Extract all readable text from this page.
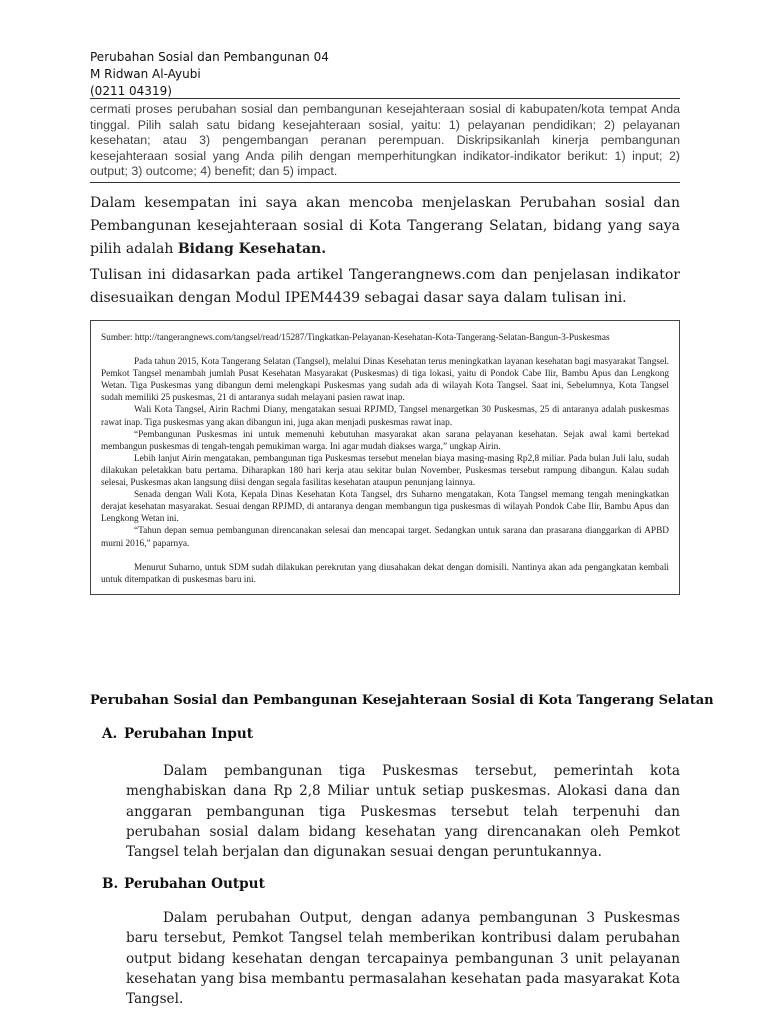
Perubahan Sosial dan Pembangunan 04
M Ridwan Al-Ayubi
(0211 04319)
cermati proses perubahan sosial dan pembangunan kesejahteraan sosial di kabupaten/kota tempat Anda tinggal. Pilih salah satu bidang kesejahteraan sosial, yaitu: 1) pelayanan pendidikan; 2) pelayanan kesehatan; atau 3) pengembangan peranan perempuan. Diskripsikanlah kinerja pembangunan kesejahteraan sosial yang Anda pilih dengan memperhitungkan indikator-indikator berikut: 1) input; 2) output; 3) outcome; 4) benefit; dan 5) impact.
Dalam kesempatan ini saya akan mencoba menjelaskan Perubahan sosial dan Pembangunan kesejahteraan sosial di Kota Tangerang Selatan, bidang yang saya pilih adalah Bidang Kesehatan.
Tulisan ini didasarkan pada artikel Tangerangnews.com dan penjelasan indikator disesuaikan dengan Modul IPEM4439 sebagai dasar saya dalam tulisan ini.
Sumber: http://tangerangnews.com/tangsel/read/15287/Tingkatkan-Pelayanan-Kesehatan-Kota-Tangerang-Selatan-Bangun-3-Puskesmas

Pada tahun 2015, Kota Tangerang Selatan (Tangsel), melalui Dinas Kesehatan terus meningkatkan layanan kesehatan bagi masyarakat Tangsel. Pemkot Tangsel menambah jumlah Pusat Kesehatan Masyarakat (Puskesmas) di tiga lokasi, yaitu di Pondok Cabe Ilir, Bambu Apus dan Lengkong Wetan. Tiga Puskesmas yang dibangun demi melengkapi Puskesmas yang sudah ada di wilayah Kota Tangsel. Saat ini, Sebelumnya, Kota Tangsel sudah memiliki 25 puskesmas, 21 di antaranya sudah melayani pasien rawat inap.

Wali Kota Tangsel, Airin Rachmi Diany, mengatakan sesuai RPJMD, Tangsel menargetkan 30 Puskesmas, 25 di antaranya adalah puskesmas rawat inap. Tiga puskesmas yang akan dibangun ini, juga akan menjadi puskesmas rawat inap.

“Pembangunan Puskesmas ini untuk memenuhi kebutuhan masyarakat akan sarana pelayanan kesehatan. Sejak awal kami bertekad membangun puskesmas di tengah-tengah pemukiman warga. Ini agar mudah diakses warga,” ungkap Airin.

Lebih lanjut Airin mengatakan, pembangunan tiga Puskesmas tersebut menelan biaya masing-masing Rp2,8 miliar. Pada bulan Juli lalu, sudah dilakukan peletakkan batu pertama. Diharapkan 180 hari kerja atau sekitar bulan November, Puskesmas tersebut rampung dibangun. Kalau sudah selesai, Puskesmas akan langsung diisi dengan segala fasilitas kesehatan ataupun penunjang lainnya.

Senada dengan Wali Kota, Kepala Dinas Kesehatan Kota Tangsel, drs Suharno mengatakan, Kota Tangsel memang tengah meningkatkan derajat kesehatan masyarakat. Sesuai dengan RPJMD, di antaranya dengan membangun tiga puskesmas di wilayah Pondok Cabe Ilir, Bambu Apus dan Lengkong Wetan ini.

“Tahun depan semua pembangunan direncanakan selesai dan mencapai target. Sedangkan untuk sarana dan prasarana dianggarkan di APBD murni 2016,” paparnya.

Menurut Suharno, untuk SDM sudah dilakukan perekrutan yang diusahakan dekat dengan domisili. Nantinya akan ada pengangkatan kembali untuk ditempatkan di puskesmas baru ini.

Perubahan Sosial dan Pembangunan Kesejahteraan Sosial di Kota Tangerang Selatan
A. Perubahan Input
Dalam pembangunan tiga Puskesmas tersebut, pemerintah kota menghabiskan dana Rp 2,8 Miliar untuk setiap puskesmas. Alokasi dana dan anggaran pembangunan tiga Puskesmas tersebut telah terpenuhi dan perubahan sosial dalam bidang kesehatan yang direncanakan oleh Pemkot Tangsel telah berjalan dan digunakan sesuai dengan peruntukannya.
B. Perubahan Output
Dalam perubahan Output, dengan adanya pembangunan 3 Puskesmas baru tersebut, Pemkot Tangsel telah memberikan kontribusi dalam perubahan output bidang kesehatan dengan tercapainya pembangunan 3 unit pelayanan kesehatan yang bisa membantu permasalahan kesehatan pada masyarakat Kota Tangsel.
